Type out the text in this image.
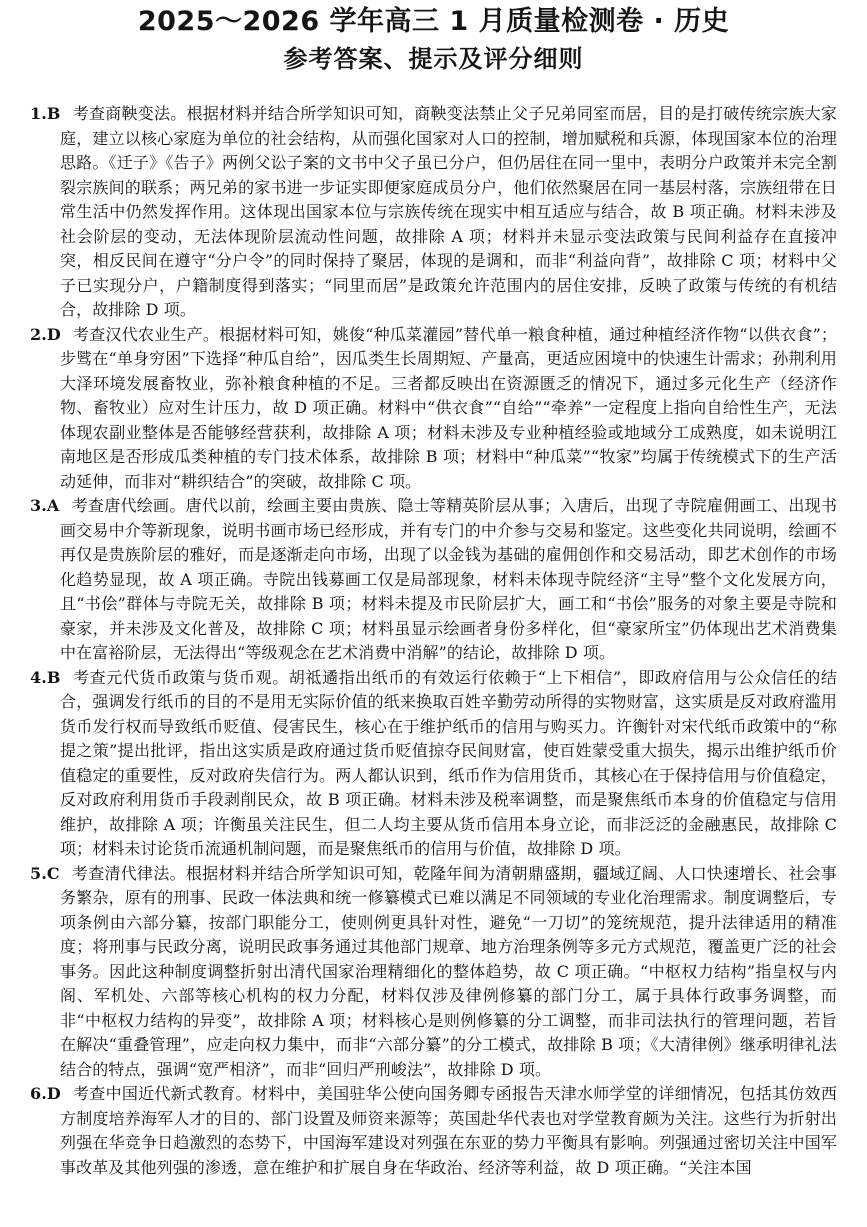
2025～2026 学年高三 1 月质量检测卷 · 历史
参考答案、提示及评分细则
1.B 考查商鞅变法。根据材料并结合所学知识可知，商鞅变法禁止父子兄弟同室而居，目的是打破传统宗族大家庭，建立以核心家庭为单位的社会结构，从而强化国家对人口的控制，增加赋税和兵源，体现国家本位的治理思路。《迁子》《告子》两例父讼子案的文书中父子虽已分户，但仍居住在同一里中，表明分户政策并未完全割裂宗族间的联系；两兄弟的家书进一步证实即便家庭成员分户，他们依然聚居在同一基层村落，宗族纽带在日常生活中仍然发挥作用。这体现出国家本位与宗族传统在现实中相互适应与结合，故 B 项正确。材料未涉及社会阶层的变动，无法体现阶层流动性问题，故排除 A 项；材料并未显示变法政策与民间利益存在直接冲突，相反民间在遵守“分户令”的同时保持了聚居，体现的是调和，而非“利益向背”，故排除 C 项；材料中父子已实现分户，户籍制度得到落实；“同里而居”是政策允许范围内的居住安排，反映了政策与传统的有机结合，故排除 D 项。
2.D 考查汉代农业生产。根据材料可知，姚俊“种瓜菜灌园”替代单一粮食种植，通过种植经济作物“以供衣食”；步骘在“单身穷困”下选择“种瓜自给”，因瓜类生长周期短、产量高，更适应困境中的快速生计需求；孙荆利用大泽环境发展畜牧业，弥补粮食种植的不足。三者都反映出在资源匮乏的情况下，通过多元化生产（经济作物、畜牧业）应对生计压力，故 D 项正确。材料中“供衣食”“自给”“牵养”一定程度上指向自给性生产，无法体现农副业整体是否能够经营获利，故排除 A 项；材料未涉及专业种植经验或地域分工成熟度，如未说明江南地区是否形成瓜类种植的专门技术体系，故排除 B 项；材料中“种瓜菜”“牧家”均属于传统模式下的生产活动延伸，而非对“耕织结合”的突破，故排除 C 项。
3.A 考查唐代绘画。唐代以前，绘画主要由贵族、隐士等精英阶层从事；入唐后，出现了寺院雇佣画工、出现书画交易中介等新现象，说明书画市场已经形成，并有专门的中介参与交易和鉴定。这些变化共同说明，绘画不再仅是贵族阶层的雅好，而是逐渐走向市场，出现了以金钱为基础的雇佣创作和交易活动，即艺术创作的市场化趋势显现，故 A 项正确。寺院出钱募画工仅是局部现象，材料未体现寺院经济“主导”整个文化发展方向，且“书侩”群体与寺院无关，故排除 B 项；材料未提及市民阶层扩大，画工和“书侩”服务的对象主要是寺院和豪家，并未涉及文化普及，故排除 C 项；材料虽显示绘画者身份多样化，但“豪家所宝”仍体现出艺术消费集中在富裕阶层，无法得出“等级观念在艺术消费中消解”的结论，故排除 D 项。
4.B 考查元代货币政策与货币观。胡祗遹指出纸币的有效运行依赖于“上下相信”，即政府信用与公众信任的结合，强调发行纸币的目的不是用无实际价值的纸来换取百姓辛勤劳动所得的实物财富，这实质是反对政府滥用货币发行权而导致纸币贬值、侵害民生，核心在于维护纸币的信用与购买力。许衡针对宋代纸币政策中的“称提之策”提出批评，指出这实质是政府通过货币贬值掠夺民间财富，使百姓蒙受重大损失，揭示出维护纸币价值稳定的重要性，反对政府失信行为。两人都认识到，纸币作为信用货币，其核心在于保持信用与价值稳定，反对政府利用货币手段剥削民众，故 B 项正确。材料未涉及税率调整，而是聚焦纸币本身的价值稳定与信用维护，故排除 A 项；许衡虽关注民生，但二人均主要从货币信用本身立论，而非泛泛的金融惠民，故排除 C 项；材料未讨论货币流通机制问题，而是聚焦纸币的信用与价值，故排除 D 项。
5.C 考查清代律法。根据材料并结合所学知识可知，乾隆年间为清朝鼎盛期，疆域辽阔、人口快速增长、社会事务繁杂，原有的刑事、民政一体法典和统一修纂模式已难以满足不同领域的专业化治理需求。制度调整后，专项条例由六部分纂，按部门职能分工，使则例更具针对性，避免“一刀切”的笼统规范，提升法律适用的精准度；将刑事与民政分离，说明民政事务通过其他部门规章、地方治理条例等多元方式规范，覆盖更广泛的社会事务。因此这种制度调整折射出清代国家治理精细化的整体趋势，故 C 项正确。“中枢权力结构”指皇权与内阁、军机处、六部等核心机构的权力分配，材料仅涉及律例修纂的部门分工，属于具体行政事务调整，而非“中枢权力结构的异变”，故排除 A 项；材料核心是则例修纂的分工调整，而非司法执行的管理问题，若旨在解决“重叠管理”，应走向权力集中，而非“六部分纂”的分工模式，故排除 B 项；《大清律例》继承明律礼法结合的特点，强调“宽严相济”，而非“回归严刑峻法”，故排除 D 项。
6.D 考查中国近代新式教育。材料中，美国驻华公使向国务卿专函报告天津水师学堂的详细情况，包括其仿效西方制度培养海军人才的目的、部门设置及师资来源等；英国赴华代表也对学堂教育颇为关注。这些行为折射出列强在华竞争日趋激烈的态势下，中国海军建设对列强在东亚的势力平衡具有影响。列强通过密切关注中国军事改革及其他列强的渗透，意在维护和扩展自身在华政治、经济等利益，故 D 项正确。“关注本国
